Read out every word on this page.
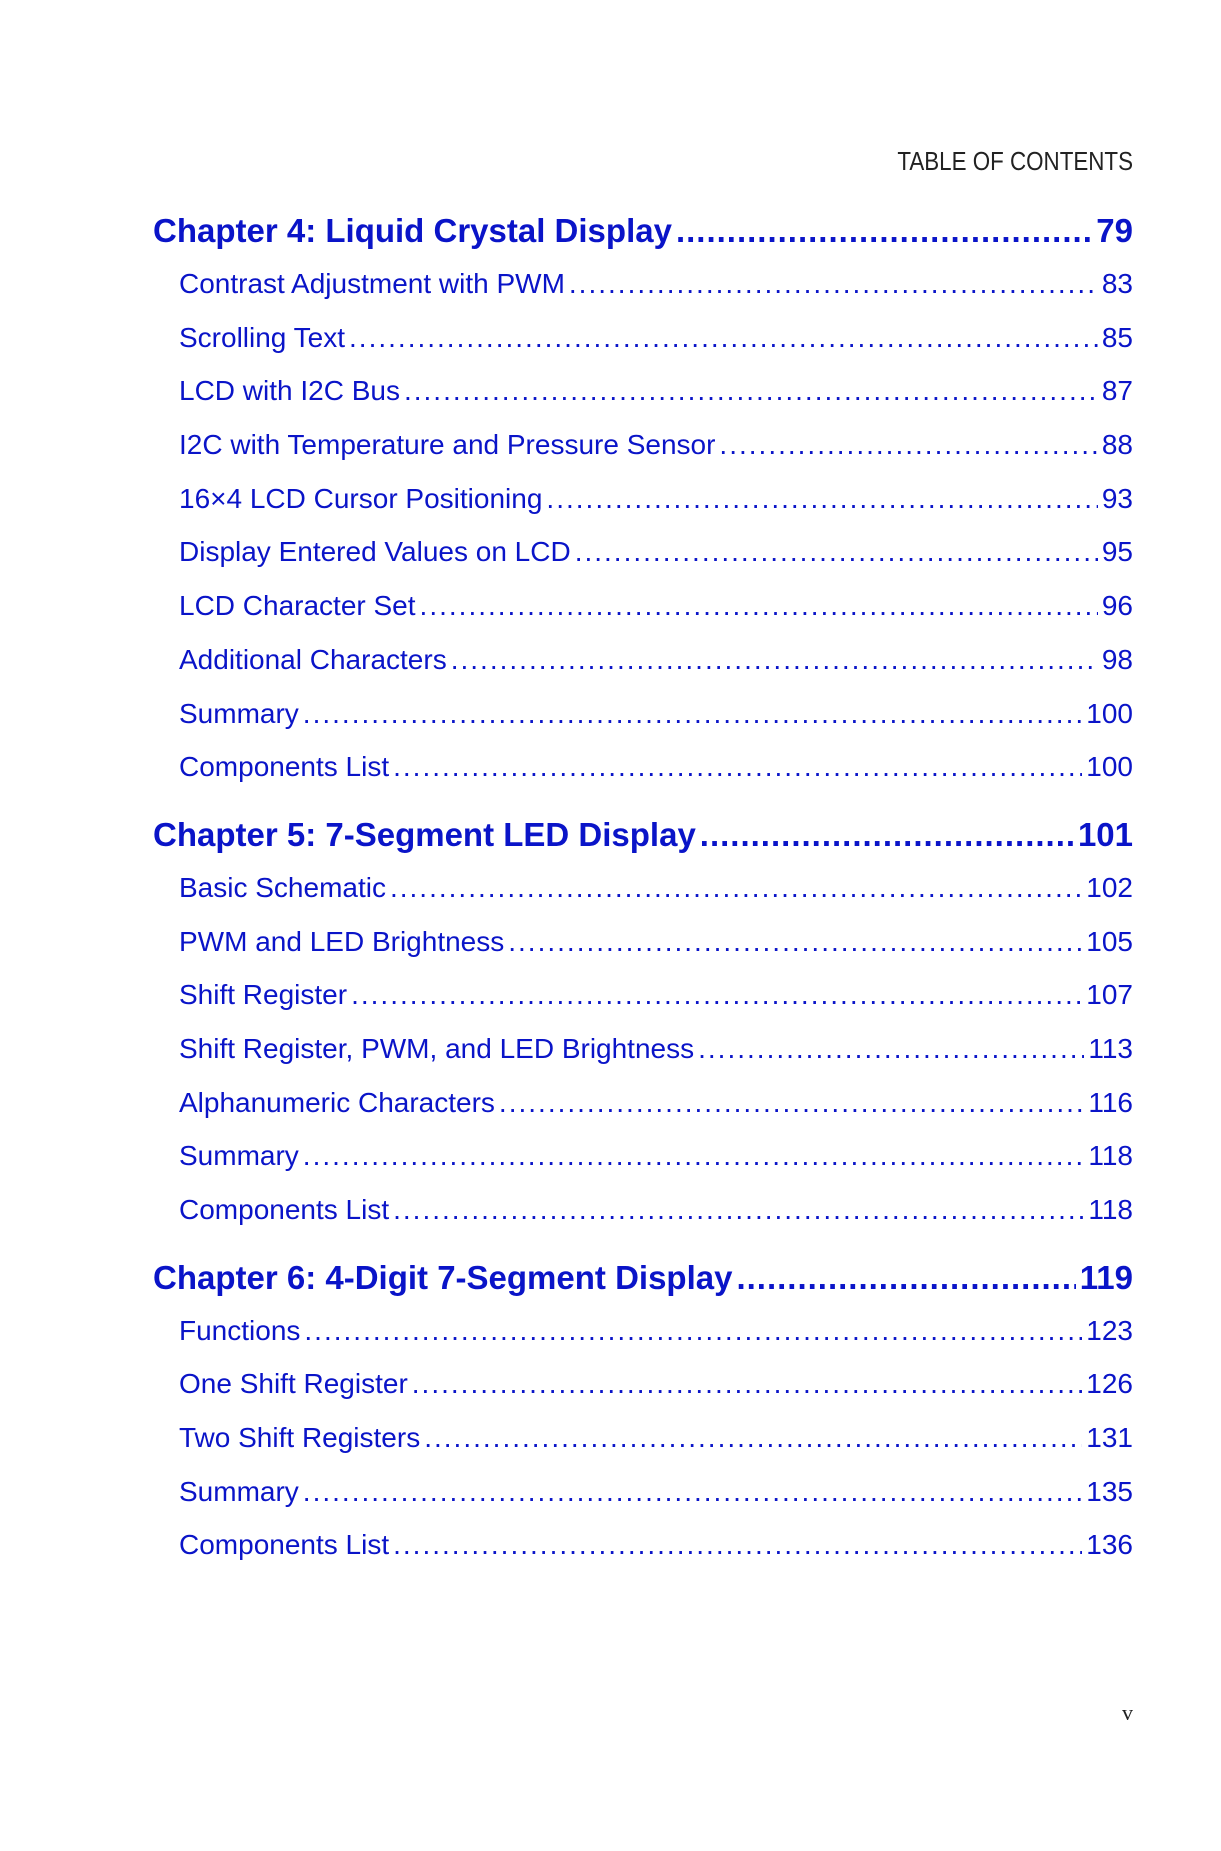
TABLE OF CONTENTS
Chapter 4: Liquid Crystal Display .....	79
Contrast Adjustment with PWM .....	83
Scrolling Text .....	85
LCD with I2C Bus .....	87
I2C with Temperature and Pressure Sensor .....	88
16×4 LCD Cursor Positioning .....	93
Display Entered Values on LCD .....	95
LCD Character Set .....	96
Additional Characters .....	98
Summary .....	100
Components List .....	100
Chapter 5: 7-Segment LED Display .....	101
Basic Schematic .....	102
PWM and LED Brightness .....	105
Shift Register .....	107
Shift Register, PWM, and LED Brightness .....	113
Alphanumeric Characters .....	116
Summary .....	118
Components List .....	118
Chapter 6: 4-Digit 7-Segment Display .....	119
Functions .....	123
One Shift Register .....	126
Two Shift Registers .....	131
Summary .....	135
Components List .....	136
v
